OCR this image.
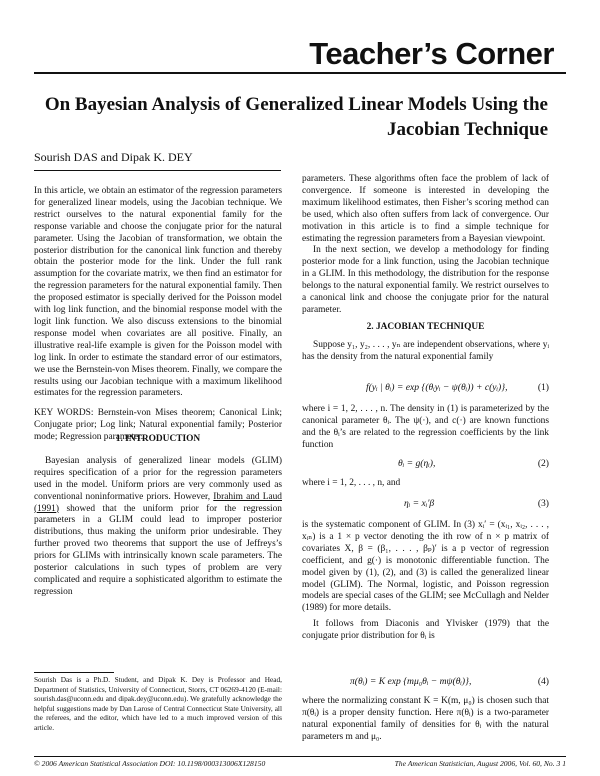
Teacher’s Corner
On Bayesian Analysis of Generalized Linear Models Using the
Jacobian Technique
Sourish DAS and Dipak K. DEY

In this article, we obtain an estimator of the regression parameters for generalized linear models, using the Jacobian technique. We restrict ourselves to the natural exponential family for the response variable and choose the conjugate prior for the natural parameter. Using the Jacobian of transformation, we obtain the posterior distribution for the canonical link function and thereby obtain the posterior mode for the link. Under the full rank assumption for the covariate matrix, we then find an estimator for the regression parameters for the natural exponential family. Then the proposed estimator is specially derived for the Poisson model with log link function, and the binomial response model with the logit link function. We also discuss extensions to the binomial response model when covariates are all positive. Finally, an illustrative real-life example is given for the Poisson model with log link. In order to estimate the standard error of our estimators, we use the Bernstein-von Mises theorem. Finally, we compare the results using our Jacobian technique with a maximum likelihood estimates for the regression parameters.

KEY WORDS: Bernstein-von Mises theorem; Canonical Link; Conjugate prior; Log link; Natural exponential family; Posterior mode; Regression parameter.

1. INTRODUCTION

Bayesian analysis of generalized linear models (GLIM) requires specification of a prior for the regression parameters used in the model. Uniform priors are very commonly used as conventional noninformative priors. However, Ibrahim and Laud (1991) showed that the uniform prior for the regression parameters in a GLIM could lead to improper posterior distributions, thus making the uniform prior undesirable. They further proved two theorems that support the use of Jeffreys’s priors for GLIMs with intrinsically known scale parameters. The posterior calculations in such types of problem are very complicated and require a sophisticated algorithm to estimate the regression

Sourish Das is a Ph.D. Student, and Dipak K. Dey is Professor and Head, Department of Statistics, University of Connecticut, Storrs, CT 06269-4120 (E-mail: sourish.das@uconn.edu and dipak.dey@uconn.edu). We gratefully acknowledge the helpful suggestions made by Dan Larose of Central Connecticut State University, all the referees, and the editor, which have led to a much improved version of this article.

parameters. These algorithms often face the problem of lack of convergence. If someone is interested in developing the maximum likelihood estimates, then Fisher’s scoring method can be used, which also often suffers from lack of convergence. Our motivation in this article is to find a simple technique for estimating the regression parameters from a Bayesian viewpoint.

In the next section, we develop a methodology for finding posterior mode for a link function, using the Jacobian technique in a GLIM. In this methodology, the distribution for the response belongs to the natural exponential family. We restrict ourselves to a canonical link and choose the conjugate prior for the natural parameter.

2. JACOBIAN TECHNIQUE

Suppose y₁, y₂, . . . , yₙ are independent observations, where yᵢ has the density from the natural exponential family

f(yᵢ | θᵢ) = exp {(θᵢyᵢ − ψ(θᵢ)) + c(yᵢ)},	(1)

where i = 1, 2, . . . , n. The density in (1) is parameterized by the canonical parameter θᵢ. The ψ(·), and c(·) are known functions and the θᵢ’s are related to the regression coefficients by the link function

θᵢ = g(ηᵢ),	(2)

where i = 1, 2, . . . , n, and

ηᵢ = xᵢ′β	(3)

is the systematic component of GLIM. In (3) xᵢ′ = (xᵢ₁, xᵢ₂, . . . , xᵢₙ) is a 1 × p vector denoting the ith row of n × p matrix of covariates X, β = (β₁, . . . , βₚ)′ is a p vector of regression coefficient, and g(·) is monotonic differentiable function. The model given by (1), (2), and (3) is called the generalized linear model (GLIM). The Normal, logistic, and Poisson regression models are special cases of the GLIM; see McCullagh and Nelder (1989) for more details.

It follows from Diaconis and Ylvisker (1979) that the conjugate prior distribution for θᵢ is

π(θᵢ) = K exp {mμ₀θᵢ − mψ(θᵢ)},	(4)

where the normalizing constant K = K(m, μ₀) is chosen such that π(θᵢ) is a proper density function. Here π(θᵢ) is a two-parameter natural exponential family of densities for θᵢ with the natural parameters m and μ₀.

© 2006 American Statistical Association DOI: 10.1198/000313006X128150	The American Statistician, August 2006, Vol. 60, No. 3 1
